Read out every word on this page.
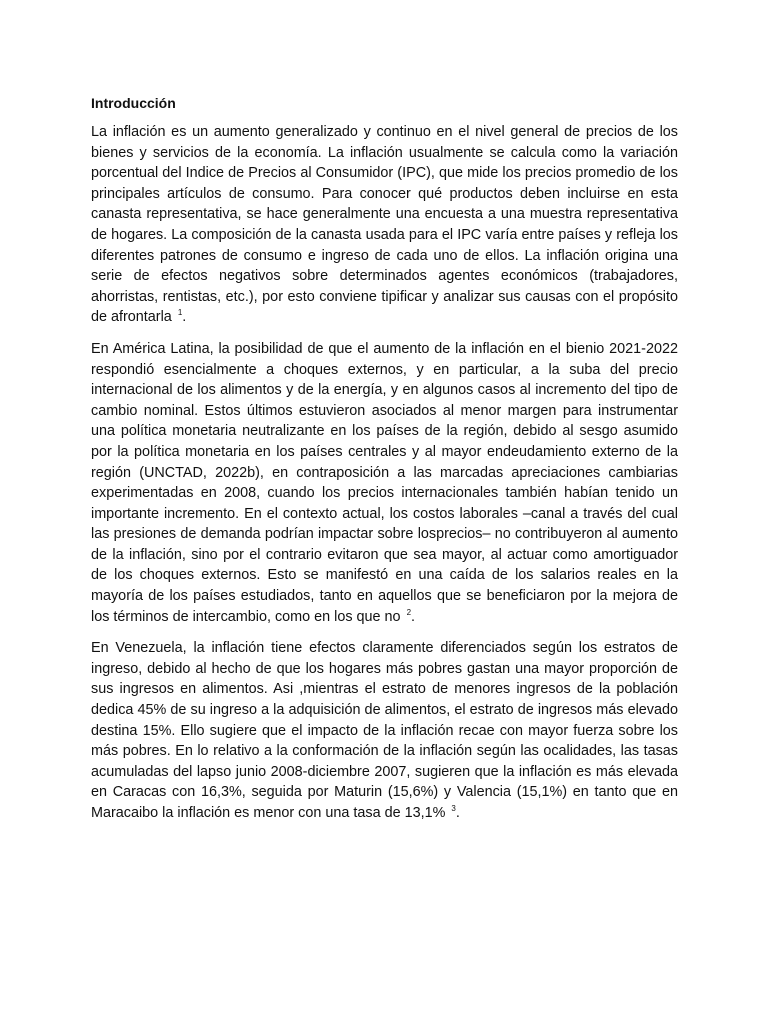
Introducción

La inflación es un aumento generalizado y continuo en el nivel general de precios de los bienes y servicios de la economía. La inflación usualmente se calcula como la variación porcentual del Indice de Precios al Consumidor (IPC), que mide los precios promedio de los principales artículos de consumo. Para conocer qué productos deben incluirse en esta canasta representativa, se hace generalmente una encuesta a una muestra representativa de hogares. La composición de la canasta usada para el IPC varía entre países y refleja los diferentes patrones de consumo e ingreso de cada uno de ellos. La inflación origina una serie de efectos negativos sobre determinados agentes económicos (trabajadores, ahorristas, rentistas, etc.), por esto conviene tipificar y analizar sus causas con el propósito de afrontarla $^1$.

En América Latina, la posibilidad de que el aumento de la inflación en el bienio 2021-2022 respondió esencialmente a choques externos, y en particular, a la suba del precio internacional de los alimentos y de la energía, y en algunos casos al incremento del tipo de cambio nominal. Estos últimos estuvieron asociados al menor margen para instrumentar una política monetaria neutralizante en los países de la región, debido al sesgo asumido por la política monetaria en los países centrales y al mayor endeudamiento externo de la región (UNCTAD, 2022b), en contraposición a las marcadas apreciaciones cambiarias experimentadas en 2008, cuando los precios internacionales también habían tenido un importante incremento. En el contexto actual, los costos laborales –canal a través del cual las presiones de demanda podrían impactar sobre losprecios– no contribuyeron al aumento de la inflación, sino por el contrario evitaron que sea mayor, al actuar como amortiguador de los choques externos. Esto se manifestó en una caída de los salarios reales en la mayoría de los países estudiados, tanto en aquellos que se beneficiaron por la mejora de los términos de intercambio, como en los que no $^2$.

En Venezuela, la inflación tiene efectos claramente diferenciados según los estratos de ingreso, debido al hecho de que los hogares más pobres gastan una mayor proporción de sus ingresos en alimentos. Asi ,mientras el estrato de menores ingresos de la población dedica 45% de su ingreso a la adquisición de alimentos, el estrato de ingresos más elevado destina 15%. Ello sugiere que el impacto de la inflación recae con mayor fuerza sobre los más pobres. En lo relativo a la conformación de la inflación según las ocalidades, las tasas acumuladas del lapso junio 2008-diciembre 2007, sugieren que la inflación es más elevada en Caracas con 16,3%, seguida por Maturin (15,6%) y Valencia (15,1%) en tanto que en Maracaibo la inflación es menor con una tasa de 13,1% $^3$.
